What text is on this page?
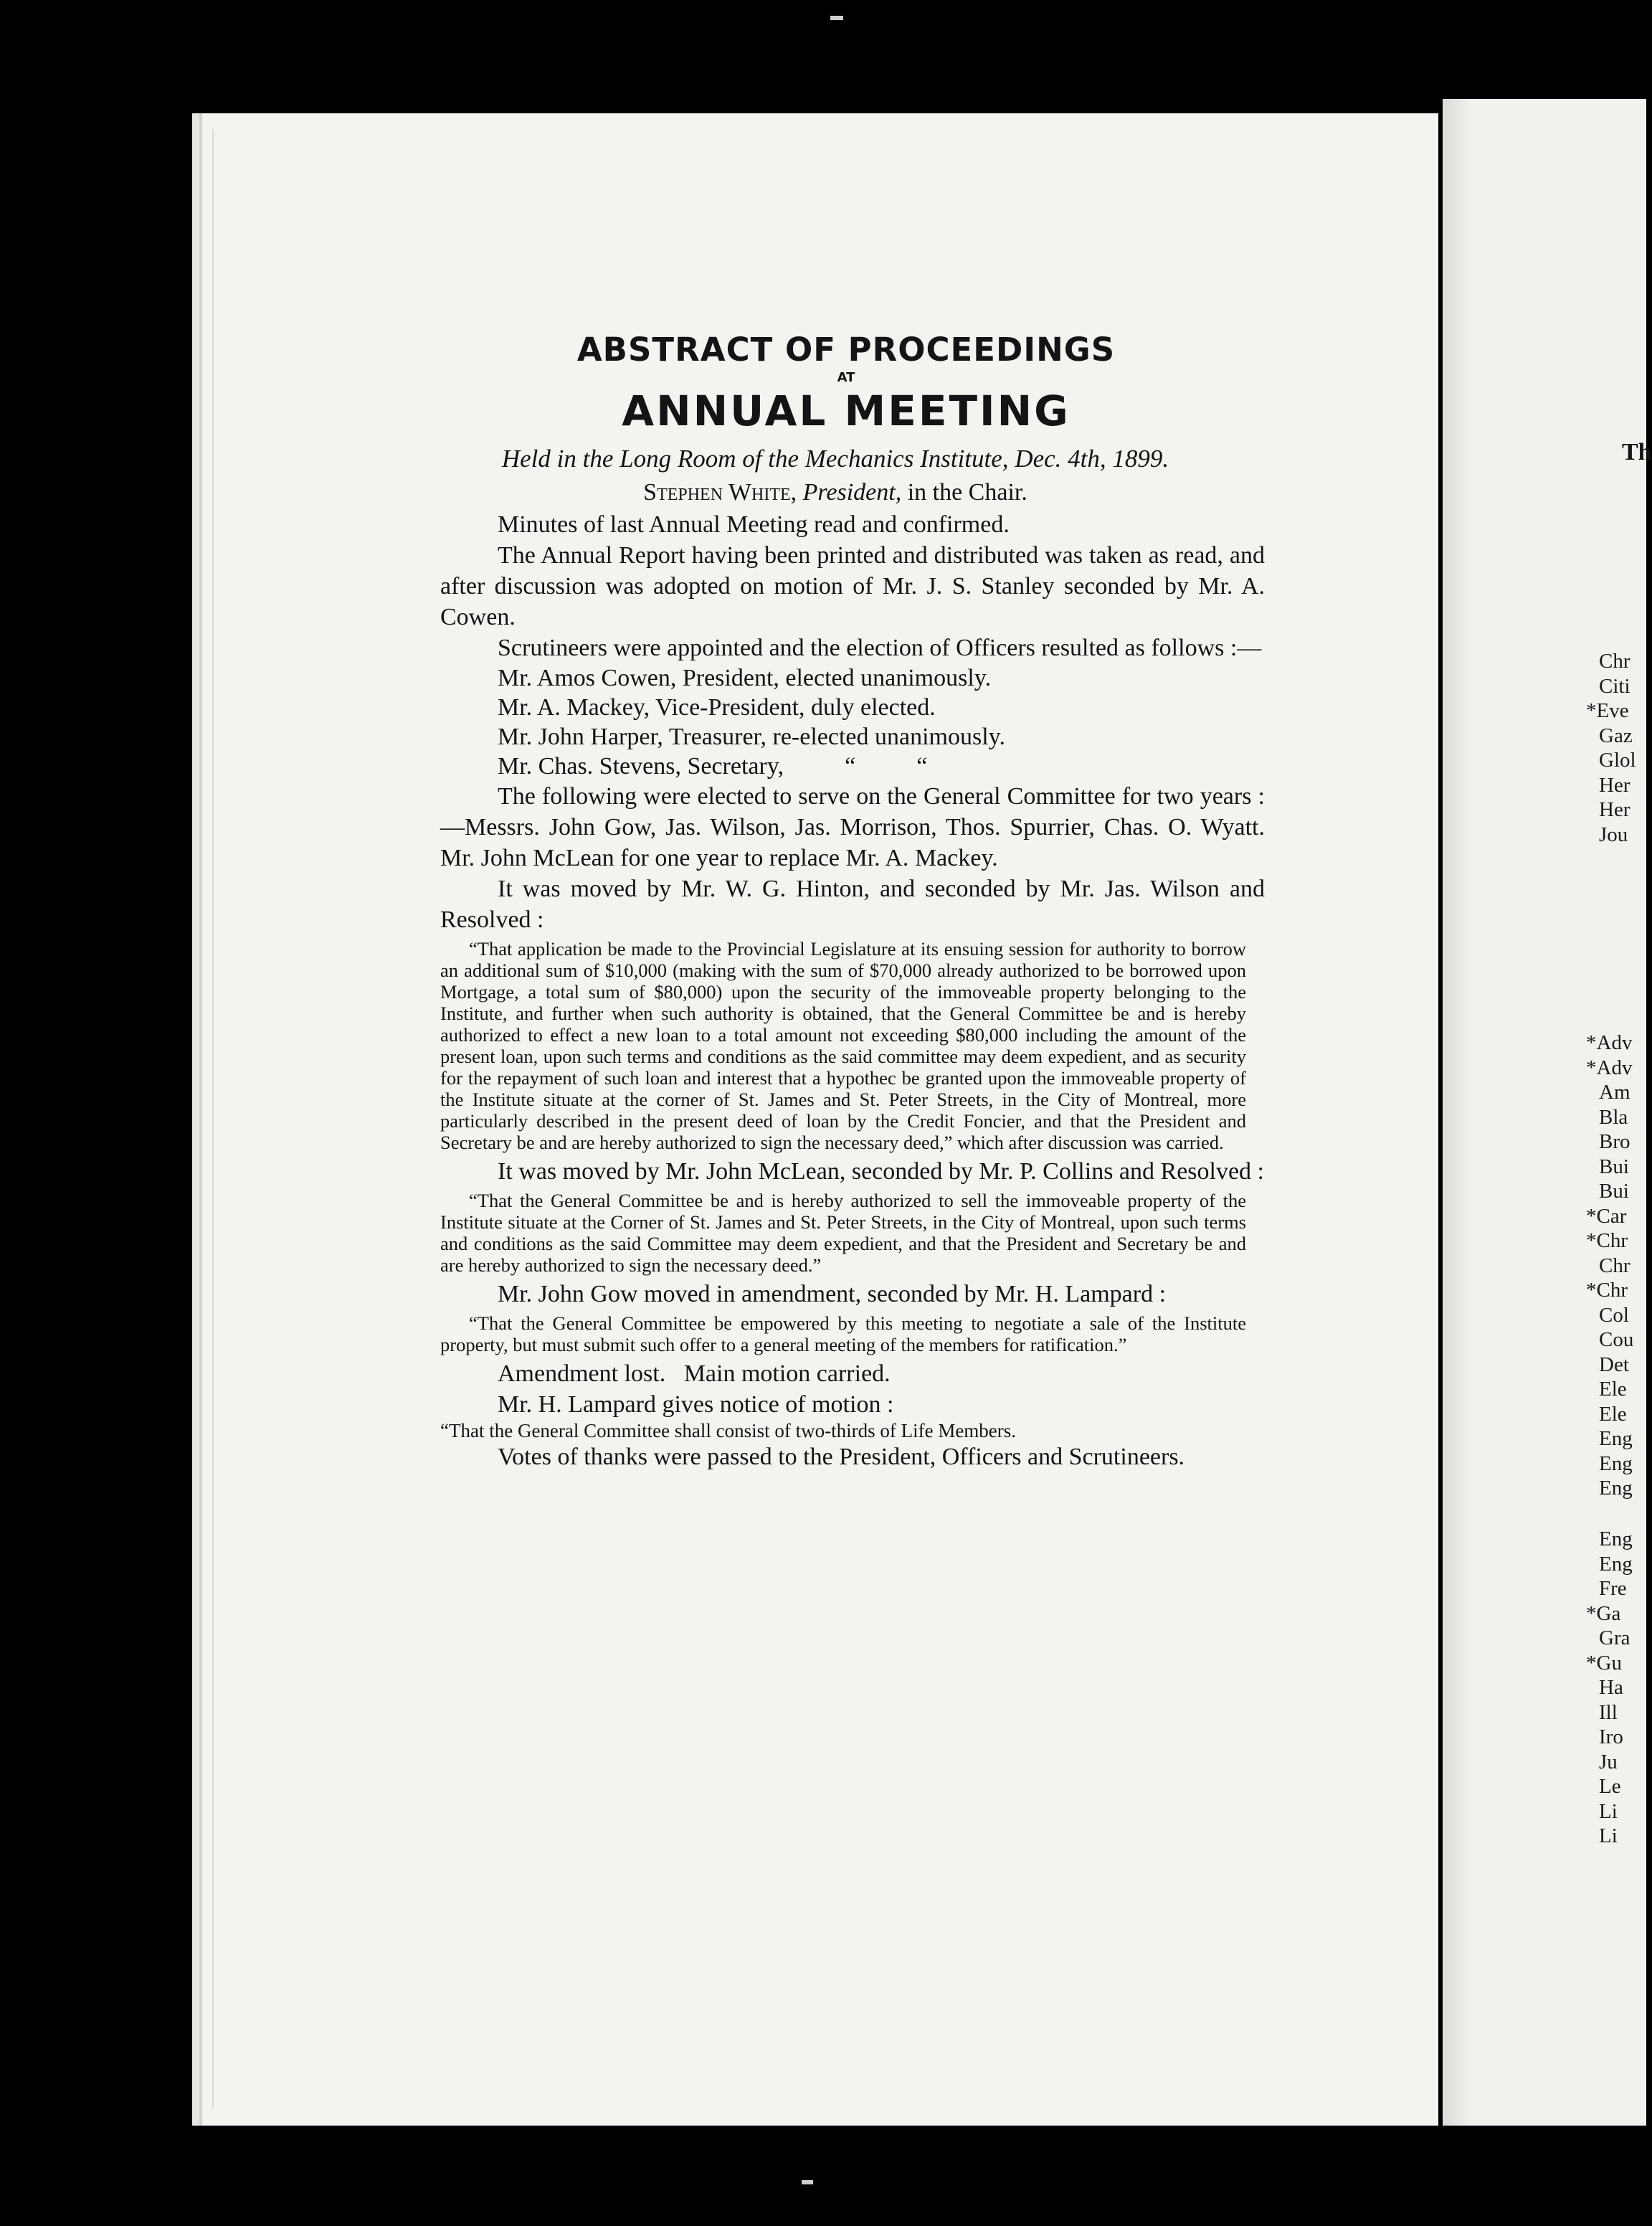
Th
Chr
Citi
*Eve
Gaz
Glol
Her
Her
Jou
*Adv
*Adv
Am
Bla
Bro
Bui
Bui
*Car
*Chr
Chr
*Chr
Col
Cou
Det
Ele
Ele
Eng
Eng
Eng
Eng
Eng
Fre
*Ga
Gra
*Gu
Ha
Ill
Iro
Ju
Le
Li
Li
ABSTRACT OF PROCEEDINGS

AT

ANNUAL MEETING

Held in the Long Room of the Mechanics Institute, Dec. 4th, 1899.

Stephen White, President, in the Chair.

Minutes of last Annual Meeting read and confirmed.

The Annual Report having been printed and distributed was taken as read, and after discussion was adopted on motion of Mr. J. S. Stanley seconded by Mr. A. Cowen.

Scrutineers were appointed and the election of Officers resulted as follows :—

Mr. Amos Cowen, President, elected unanimously.

Mr. A. Mackey, Vice-President, duly elected.

Mr. John Harper, Treasurer, re-elected unanimously.

Mr. Chas. Stevens, Secretary,          “          “

The following were elected to serve on the General Committee for two years :—Messrs. John Gow, Jas. Wilson, Jas. Morrison, Thos. Spurrier, Chas. O. Wyatt. Mr. John McLean for one year to replace Mr. A. Mackey.

It was moved by Mr. W. G. Hinton, and seconded by Mr. Jas. Wilson and Resolved :

“That application be made to the Provincial Legislature at its ensuing session for authority to borrow an additional sum of $10,000 (making with the sum of $70,000 already authorized to be borrowed upon Mortgage, a total sum of $80,000) upon the security of the immoveable property belonging to the Institute, and further when such authority is obtained, that the General Committee be and is hereby authorized to effect a new loan to a total amount not exceeding $80,000 including the amount of the present loan, upon such terms and conditions as the said committee may deem expedient, and as security for the repayment of such loan and interest that a hypothec be granted upon the immoveable property of the Institute situate at the corner of St. James and St. Peter Streets, in the City of Montreal, more particularly described in the present deed of loan by the Credit Foncier, and that the President and Secretary be and are hereby authorized to sign the necessary deed,” which after discussion was carried.

It was moved by Mr. John McLean, seconded by Mr. P. Collins and Resolved :

“That the General Committee be and is hereby authorized to sell the immoveable property of the Institute situate at the Corner of St. James and St. Peter Streets, in the City of Montreal, upon such terms and conditions as the said Committee may deem expedient, and that the President and Secretary be and are hereby authorized to sign the necessary deed.”

Mr. John Gow moved in amendment, seconded by Mr. H. Lampard :

“That the General Committee be empowered by this meeting to negotiate a sale of the Institute property, but must submit such offer to a general meeting of the members for ratification.”

Amendment lost.   Main motion carried.

Mr. H. Lampard gives notice of motion :

“That the General Committee shall consist of two-thirds of Life Members.

Votes of thanks were passed to the President, Officers and Scrutineers.
